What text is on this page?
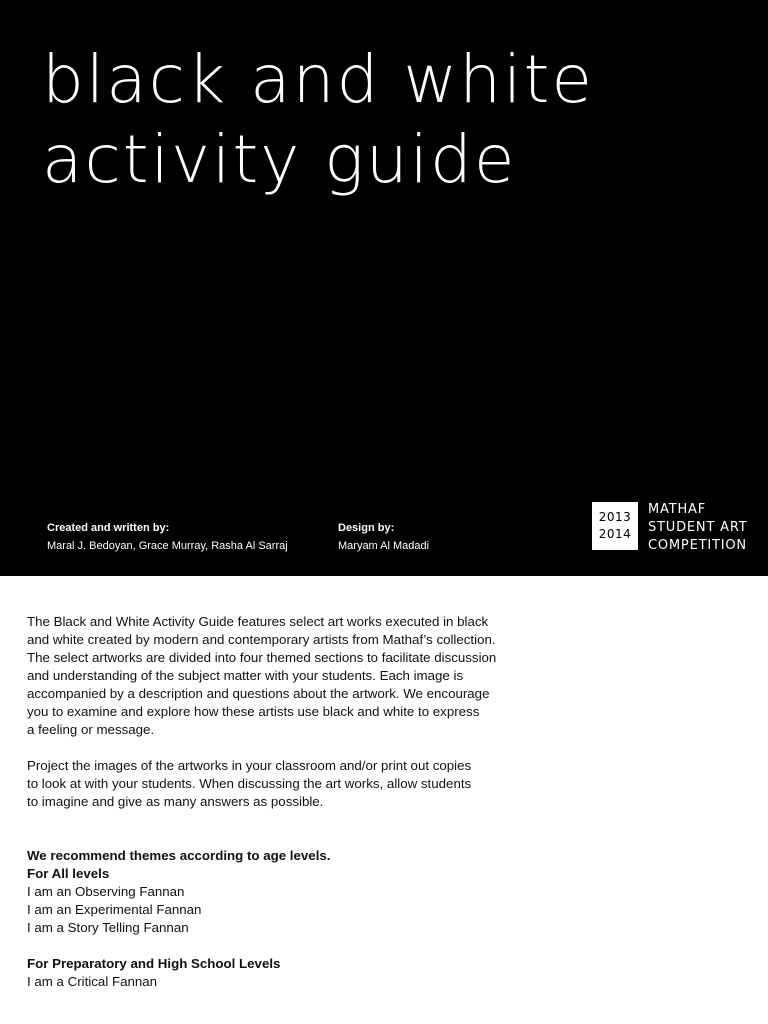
black and white
activity guide
Created and written by:
Maral J. Bedoyan, Grace Murray, Rasha Al Sarraj
Design by:
Maryam Al Madadi
2013
2014
MATHAF
STUDENT ART
COMPETITION

The Black and White Activity Guide features select art works executed in black
and white created by modern and contemporary artists from Mathaf’s collection.
The select artworks are divided into four themed sections to facilitate discussion
and understanding of the subject matter with your students. Each image is
accompanied by a description and questions about the artwork. We encourage
you to examine and explore how these artists use black and white to express
a feeling or message.

Project the images of the artworks in your classroom and/or print out copies
to look at with your students. When discussing the art works, allow students
to imagine and give as many answers as possible.

We recommend themes according to age levels.
For All levels
I am an Observing Fannan
I am an Experimental Fannan
I am a Story Telling Fannan
For Preparatory and High School Levels
I am a Critical Fannan
